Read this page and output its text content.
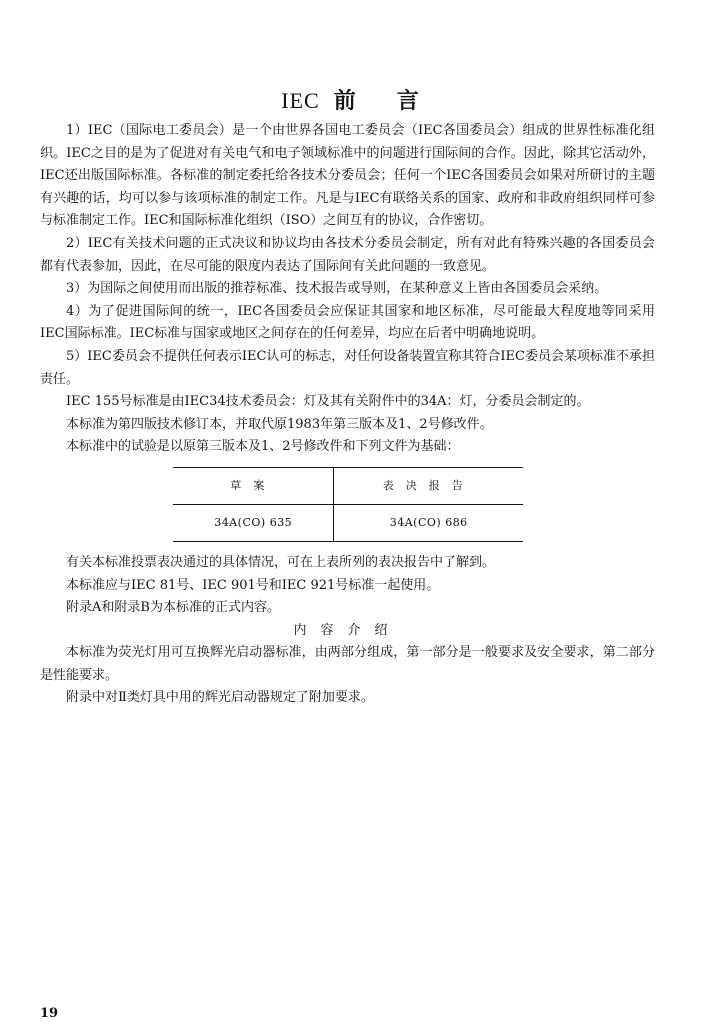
IEC 前 言

1）IEC（国际电工委员会）是一个由世界各国电工委员会（IEC各国委员会）组成的世界性标准化组织。IEC之目的是为了促进对有关电气和电子领域标准中的问题进行国际间的合作。因此，除其它活动外，IEC还出版国际标准。各标准的制定委托给各技术分委员会；任何一个IEC各国委员会如果对所研讨的主题有兴趣的话，均可以参与该项标准的制定工作。凡是与IEC有联络关系的国家、政府和非政府组织同样可参与标准制定工作。IEC和国际标准化组织（ISO）之间互有的协议，合作密切。

2）IEC有关技术问题的正式决议和协议均由各技术分委员会制定，所有对此有特殊兴趣的各国委员会都有代表参加，因此，在尽可能的限度内表达了国际间有关此问题的一致意见。

3）为国际之间使用而出版的推荐标准、技术报告或导则，在某种意义上皆由各国委员会采纳。

4）为了促进国际间的统一，IEC各国委员会应保证其国家和地区标准，尽可能最大程度地等同采用IEC国际标准。IEC标准与国家或地区之间存在的任何差异，均应在后者中明确地说明。

5）IEC委员会不提供任何表示IEC认可的标志，对任何设备装置宣称其符合IEC委员会某项标准不承担责任。

IEC 155号标准是由IEC34技术委员会：灯及其有关附件中的34A：灯，分委员会制定的。

本标准为第四版技术修订本，并取代原1983年第三版本及1、2号修改件。

本标准中的试验是以原第三版本及1、2号修改件和下列文件为基础：

草案	表决报告
34A(CO) 635	34A(CO) 686

有关本标准投票表决通过的具体情况，可在上表所列的表决报告中了解到。

本标准应与IEC 81号、IEC 901号和IEC 921号标准一起使用。

附录A和附录B为本标准的正式内容。

内容介绍

本标准为荧光灯用可互换辉光启动器标准，由两部分组成，第一部分是一般要求及安全要求，第二部分是性能要求。

附录中对Ⅱ类灯具中用的辉光启动器规定了附加要求。

19
